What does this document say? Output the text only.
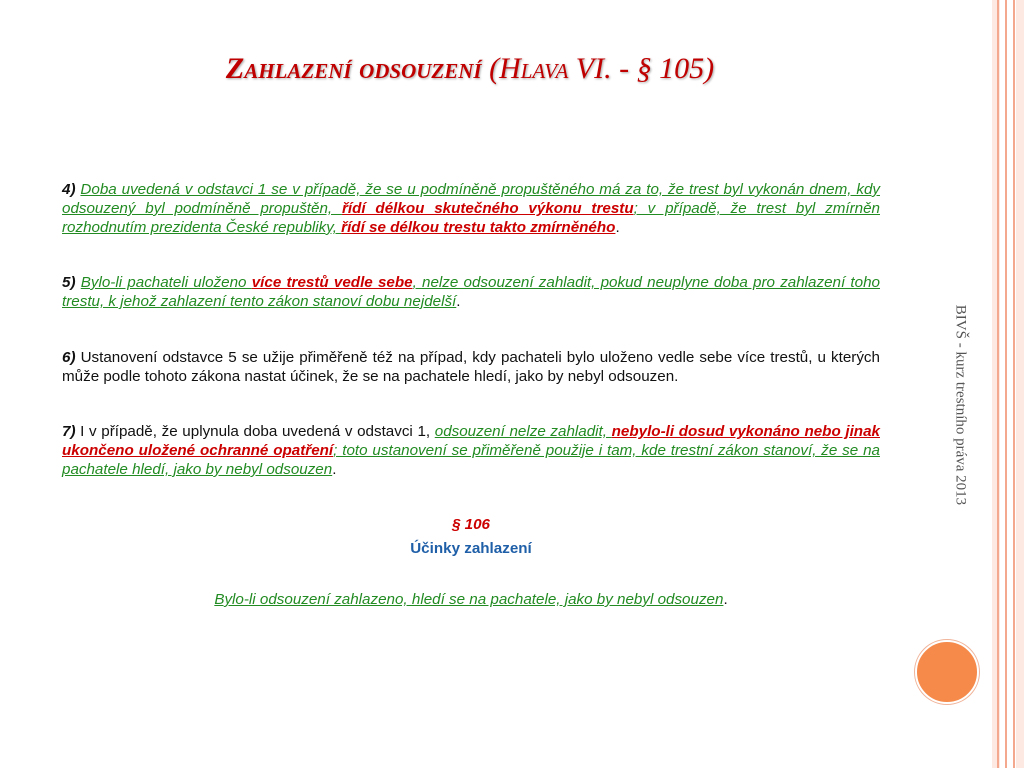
Zahlazení odsouzení (Hlava VI. - § 105)

4) Doba uvedená v odstavci 1 se v případě, že se u podmíněně propuštěného má za to, že trest byl vykonán dnem, kdy odsouzený byl podmíněně propuštěn, řídí délkou skutečného výkonu trestu; v případě, že trest byl zmírněn rozhodnutím prezidenta České republiky, řídí se délkou trestu takto zmírněného.

5) Bylo-li pachateli uloženo více trestů vedle sebe, nelze odsouzení zahladit, pokud neuplyne doba pro zahlazení toho trestu, k jehož zahlazení tento zákon stanoví dobu nejdelší.

6) Ustanovení odstavce 5 se užije přiměřeně též na případ, kdy pachateli bylo uloženo vedle sebe více trestů, u kterých může podle tohoto zákona nastat účinek, že se na pachatele hledí, jako by nebyl odsouzen.

7) I v případě, že uplynula doba uvedená v odstavci 1, odsouzení nelze zahladit, nebylo-li dosud vykonáno nebo jinak ukončeno uložené ochranné opatření; toto ustanovení se přiměřeně použije i tam, kde trestní zákon stanoví, že se na pachatele hledí, jako by nebyl odsouzen.

§ 106

Účinky zahlazení

Bylo-li odsouzení zahlazeno, hledí se na pachatele, jako by nebyl odsouzen.

BIVŠ - kurz trestního práva 2013
